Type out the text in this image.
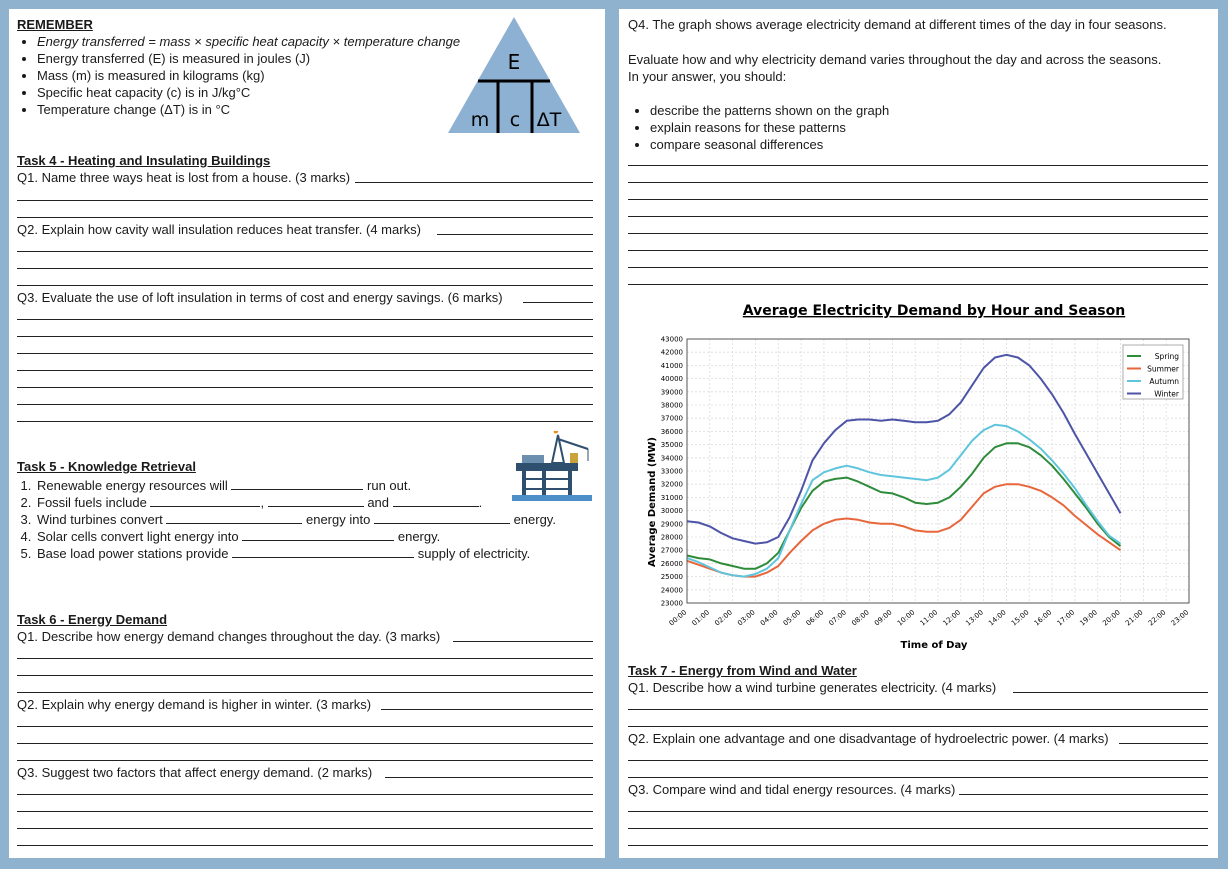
REMEMBER
• Energy transferred = mass × specific heat capacity × temperature change
• Energy transferred (E) is measured in joules (J)
• Mass (m) is measured in kilograms (kg)
• Specific heat capacity (c) is in J/kg°C
• Temperature change (ΔT) is in °C
E
m c ΔT
Task 4 - Heating and Insulating Buildings
Q1. Name three ways heat is lost from a house. (3 marks)
Q2. Explain how cavity wall insulation reduces heat transfer. (4 marks)
Q3. Evaluate the use of loft insulation in terms of cost and energy savings. (6 marks)
Task 5 - Knowledge Retrieval
1. Renewable energy resources will	run out.
2. Fossil fuels include	,	and	.
3. Wind turbines convert	energy into	energy.
4. Solar cells convert light energy into	energy.
5. Base load power stations provide	supply of electricity.
Task 6 - Energy Demand
Q1. Describe how energy demand changes throughout the day. (3 marks)
Q2. Explain why energy demand is higher in winter. (3 marks)
Q3. Suggest two factors that affect energy demand. (2 marks)
Q4. The graph shows average electricity demand at different times of the day in four seasons.
Evaluate how and why electricity demand varies throughout the day and across the seasons.
In your answer, you should:
• describe the patterns shown on the graph
• explain reasons for these patterns
• compare seasonal differences
Average Electricity Demand by Hour and Season
23000
24000
25000
26000
27000
28000
29000
30000
31000
32000
33000
34000
35000
36000
37000
38000
39000
40000
41000
42000
43000
00:00 01:00 02:00 03:00 04:00 05:00 06:00 07:00 08:00 09:00 10:00 11:00 12:00 13:00 14:00 15:00 16:00 17:00 19:00 20:00 21:00 22:00 23:00
Spring
Summer
Autumn
Winter
Time of Day
Average Demand (MW)
Task 7 - Energy from Wind and Water
Q1. Describe how a wind turbine generates electricity. (4 marks)
Q2. Explain one advantage and one disadvantage of hydroelectric power. (4 marks)
Q3. Compare wind and tidal energy resources. (4 marks)
